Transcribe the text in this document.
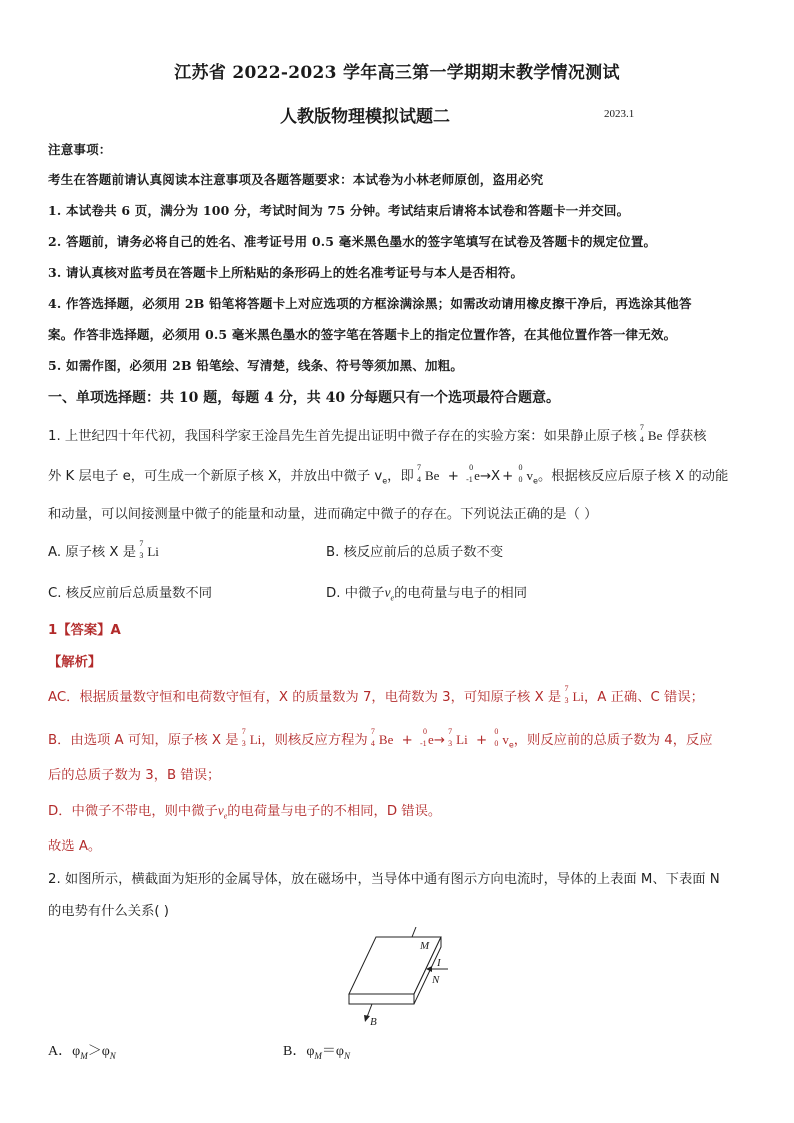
江苏省 2022-2023 学年高三第一学期期末教学情况测试
人教版物理模拟试题二	2023.1
注意事项：
考生在答题前请认真阅读本注意事项及各题答题要求：本试卷为小林老师原创，盗用必究
1. 本试卷共 6 页，满分为 100 分，考试时间为 75 分钟。考试结束后请将本试卷和答题卡一并交回。
2. 答题前，请务必将自己的姓名、准考证号用 0.5 毫米黑色墨水的签字笔填写在试卷及答题卡的规定位置。
3. 请认真核对监考员在答题卡上所粘贴的条形码上的姓名准考证号与本人是否相符。
4. 作答选择题，必须用 2B 铅笔将答题卡上对应选项的方框涂满涂黑；如需改动请用橡皮擦干净后，再选涂其他答
案。作答非选择题，必须用 0.5 毫米黑色墨水的签字笔在答题卡上的指定位置作答，在其他位置作答一律无效。
5. 如需作图，必须用 2B 铅笔绘、写清楚，线条、符号等须加黑、加粗。
一、单项选择题：共 10 题，每题 4 分，共 40 分每题只有一个选项最符合题意。
1. 上世纪四十年代初，我国科学家王淦昌先生首先提出证明中微子存在的实验方案：如果静止原子核
7
4 Be 俘获核
外 K 层电子 e，可生成一个新原子核 X，并放出中微子 $v_e$，即
7
4 Be +
0
-1 e→X +
0
0 $v_e$。根据核反应后原子核 X 的动能
和动量，可以间接测量中微子的能量和动量，进而确定中微子的存在。下列说法正确的是（ ）
A. 原子核 X 是
7
3 Li	B. 核反应前后的总质子数不变
C. 核反应前后总质量数不同	D. 中微子$v_e$的电荷量与电子的相同
1【答案】A
【解析】
AC．根据质量数守恒和电荷数守恒有，X 的质量数为 7，电荷数为 3，可知原子核 X 是
7
3 Li，A 正确、C 错误；
B．由选项 A 可知，原子核 X 是
7
3 Li，则核反应方程为
7
4 Be +
0
-1 e→
7
3 Li +
0
0 $v_e$，则反应前的总质子数为 4，反应
后的总质子数为 3，B 错误；
D．中微子不带电，则中微子$v_e$的电荷量与电子的不相同，D 错误。
故选 A。
2. 如图所示，横截面为矩形的金属导体，放在磁场中，当导体中通有图示方向电流时，导体的上表面 M、下表面 N
的电势有什么关系( )
M
I
N
B
A．$\varphi_M>\varphi_N$	B．$\varphi_M=\varphi_N$
